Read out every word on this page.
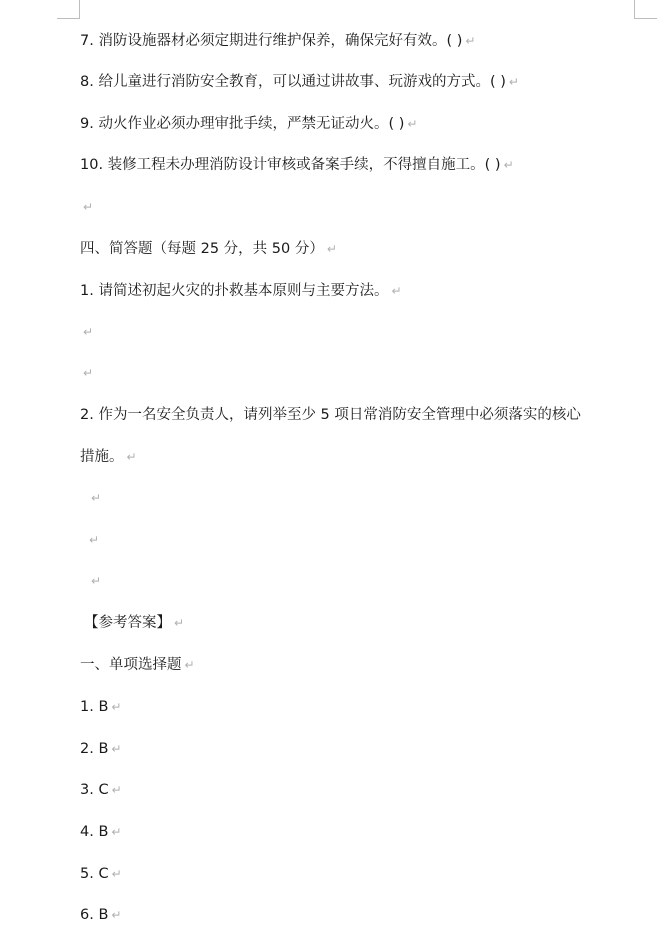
7. 消防设施器材必须定期进行维护保养，确保完好有效。( ) ↵
8. 给儿童进行消防安全教育，可以通过讲故事、玩游戏的方式。( ) ↵
9. 动火作业必须办理审批手续，严禁无证动火。( ) ↵
10. 装修工程未办理消防设计审核或备案手续，不得擅自施工。( ) ↵
↵
四、简答题（每题 25 分，共 50 分） ↵
1. 请简述初起火灾的扑救基本原则与主要方法。 ↵
↵
↵
2. 作为一名安全负责人，请列举至少 5 项日常消防安全管理中必须落实的核心
措施。 ↵
↵
↵
↵
【参考答案】 ↵
一、单项选择题 ↵
1. B ↵
2. B ↵
3. C ↵
4. B ↵
5. C ↵
6. B ↵
